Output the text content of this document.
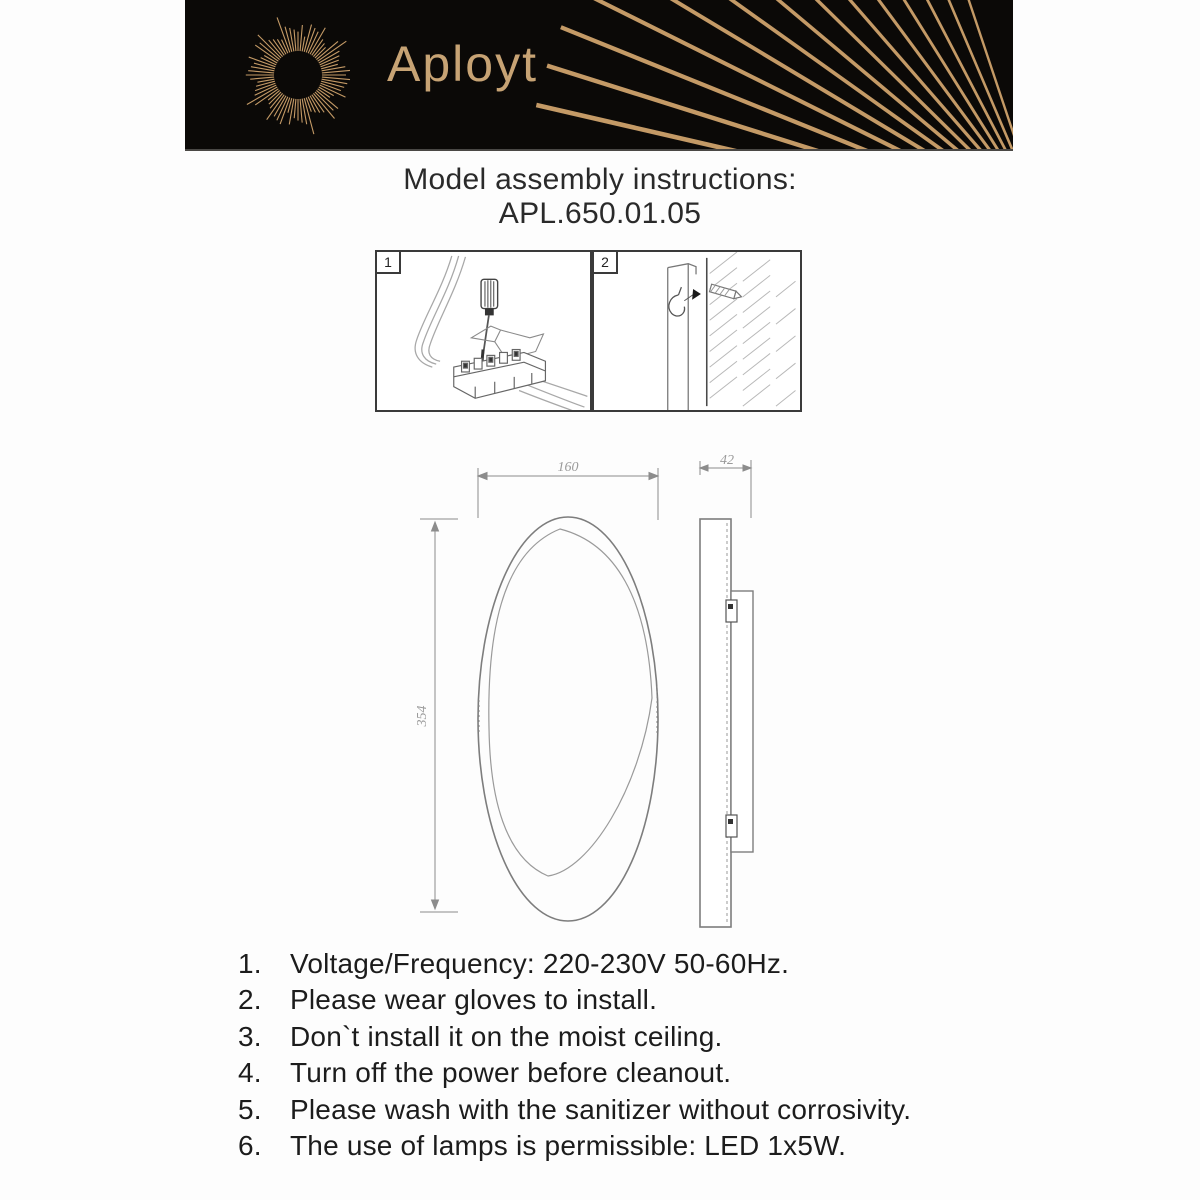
Aployt
Model assembly instructions:
APL.650.01.05
1	2
160	42
354
1.	Voltage/Frequency: 220-230V 50-60Hz.
2.	Please wear gloves to install.
3.	Don`t install it on the moist ceiling.
4.	Turn off the power before cleanout.
5.	Please wash with the sanitizer without corrosivity.
6.	The use of lamps is permissible: LED 1x5W.
